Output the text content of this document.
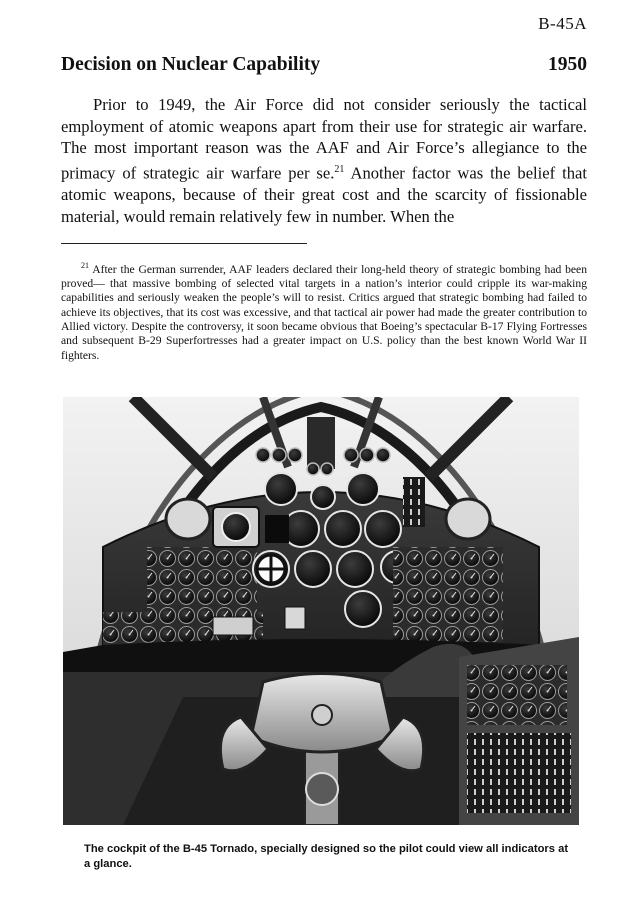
B-45A
Decision on Nuclear Capability	1950

Prior to 1949, the Air Force did not consider seriously the tactical employment of atomic weapons apart from their use for strategic air warfare. The most important reason was the AAF and Air Force’s allegiance to the primacy of strategic air warfare per se.$^{21}$ Another factor was the belief that atomic weapons, because of their great cost and the scarcity of fissionable material, would remain relatively few in number. When the

$^{21}$ After the German surrender, AAF leaders declared their long-held theory of strategic bombing had been proved— that massive bombing of selected vital targets in a nation’s interior could cripple its war-making capabilities and seriously weaken the people’s will to resist. Critics argued that strategic bombing had failed to achieve its objectives, that its cost was excessive, and that tactical air power had made the greater contribution to Allied victory. Despite the controversy, it soon became obvious that Boeing’s spectacular B-17 Flying Fortresses and subsequent B-29 Superfortresses had a greater impact on U.S. policy than the best known World War II fighters.

The cockpit of the B-45 Tornado, specially designed so the pilot could view all indicators at a glance.
